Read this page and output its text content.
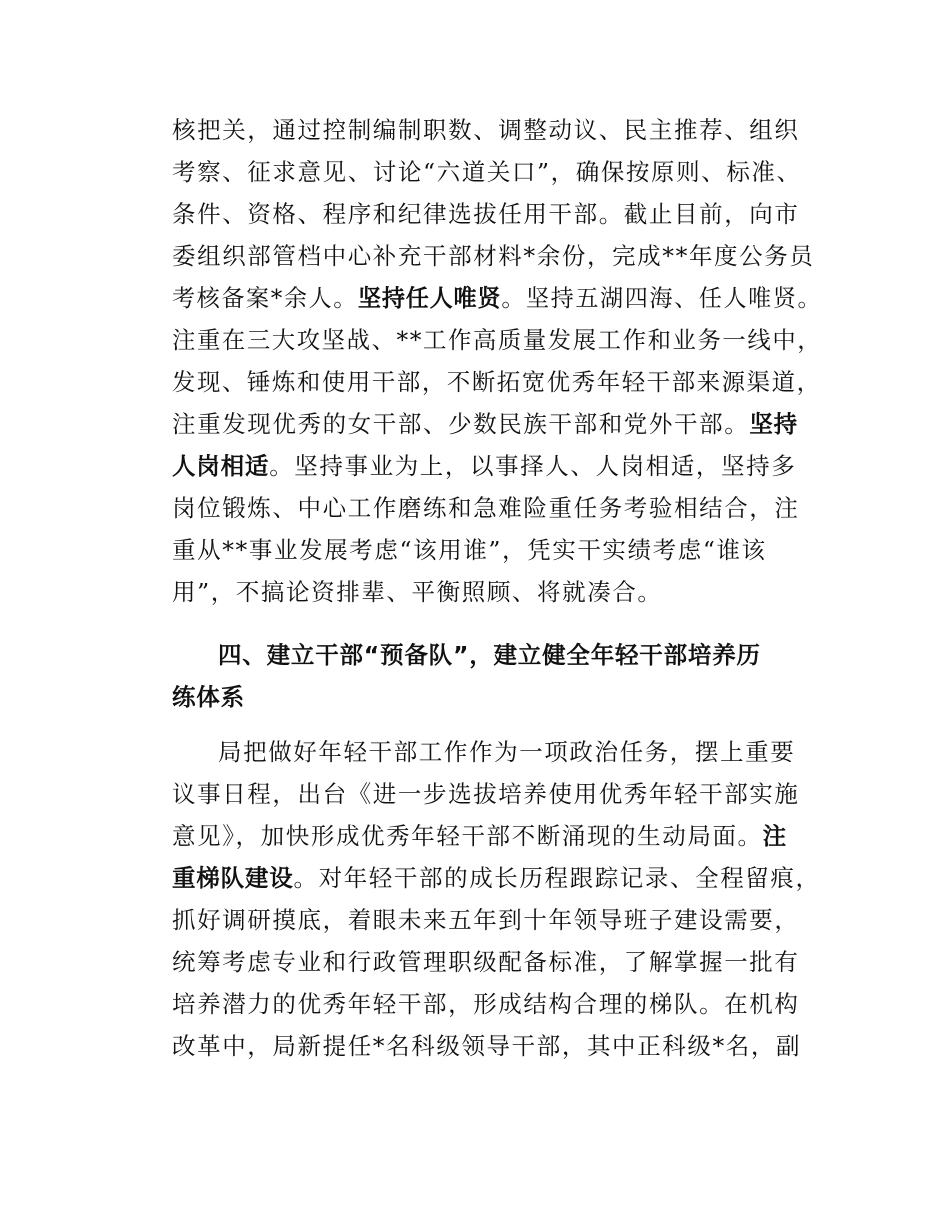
核把关，通过控制编制职数、调整动议、民主推荐、组织
考察、征求意见、讨论“六道关口”，确保按原则、标准、
条件、资格、程序和纪律选拔任用干部。截止目前，向市
委组织部管档中心补充干部材料*余份，完成**年度公务员
考核备案*余人。坚持任人唯贤。坚持五湖四海、任人唯贤。
注重在三大攻坚战、**工作高质量发展工作和业务一线中，
发现、锤炼和使用干部，不断拓宽优秀年轻干部来源渠道，
注重发现优秀的女干部、少数民族干部和党外干部。坚持
人岗相适。坚持事业为上，以事择人、人岗相适，坚持多
岗位锻炼、中心工作磨练和急难险重任务考验相结合，注
重从**事业发展考虑“该用谁”，凭实干实绩考虑“谁该
用”，不搞论资排辈、平衡照顾、将就凑合。
四、建立干部“预备队”，建立健全年轻干部培养历
练体系
局把做好年轻干部工作作为一项政治任务，摆上重要
议事日程，出台《进一步选拔培养使用优秀年轻干部实施
意见》，加快形成优秀年轻干部不断涌现的生动局面。注
重梯队建设。对年轻干部的成长历程跟踪记录、全程留痕，
抓好调研摸底，着眼未来五年到十年领导班子建设需要，
统筹考虑专业和行政管理职级配备标准，了解掌握一批有
培养潜力的优秀年轻干部，形成结构合理的梯队。在机构
改革中，局新提任*名科级领导干部，其中正科级*名，副
